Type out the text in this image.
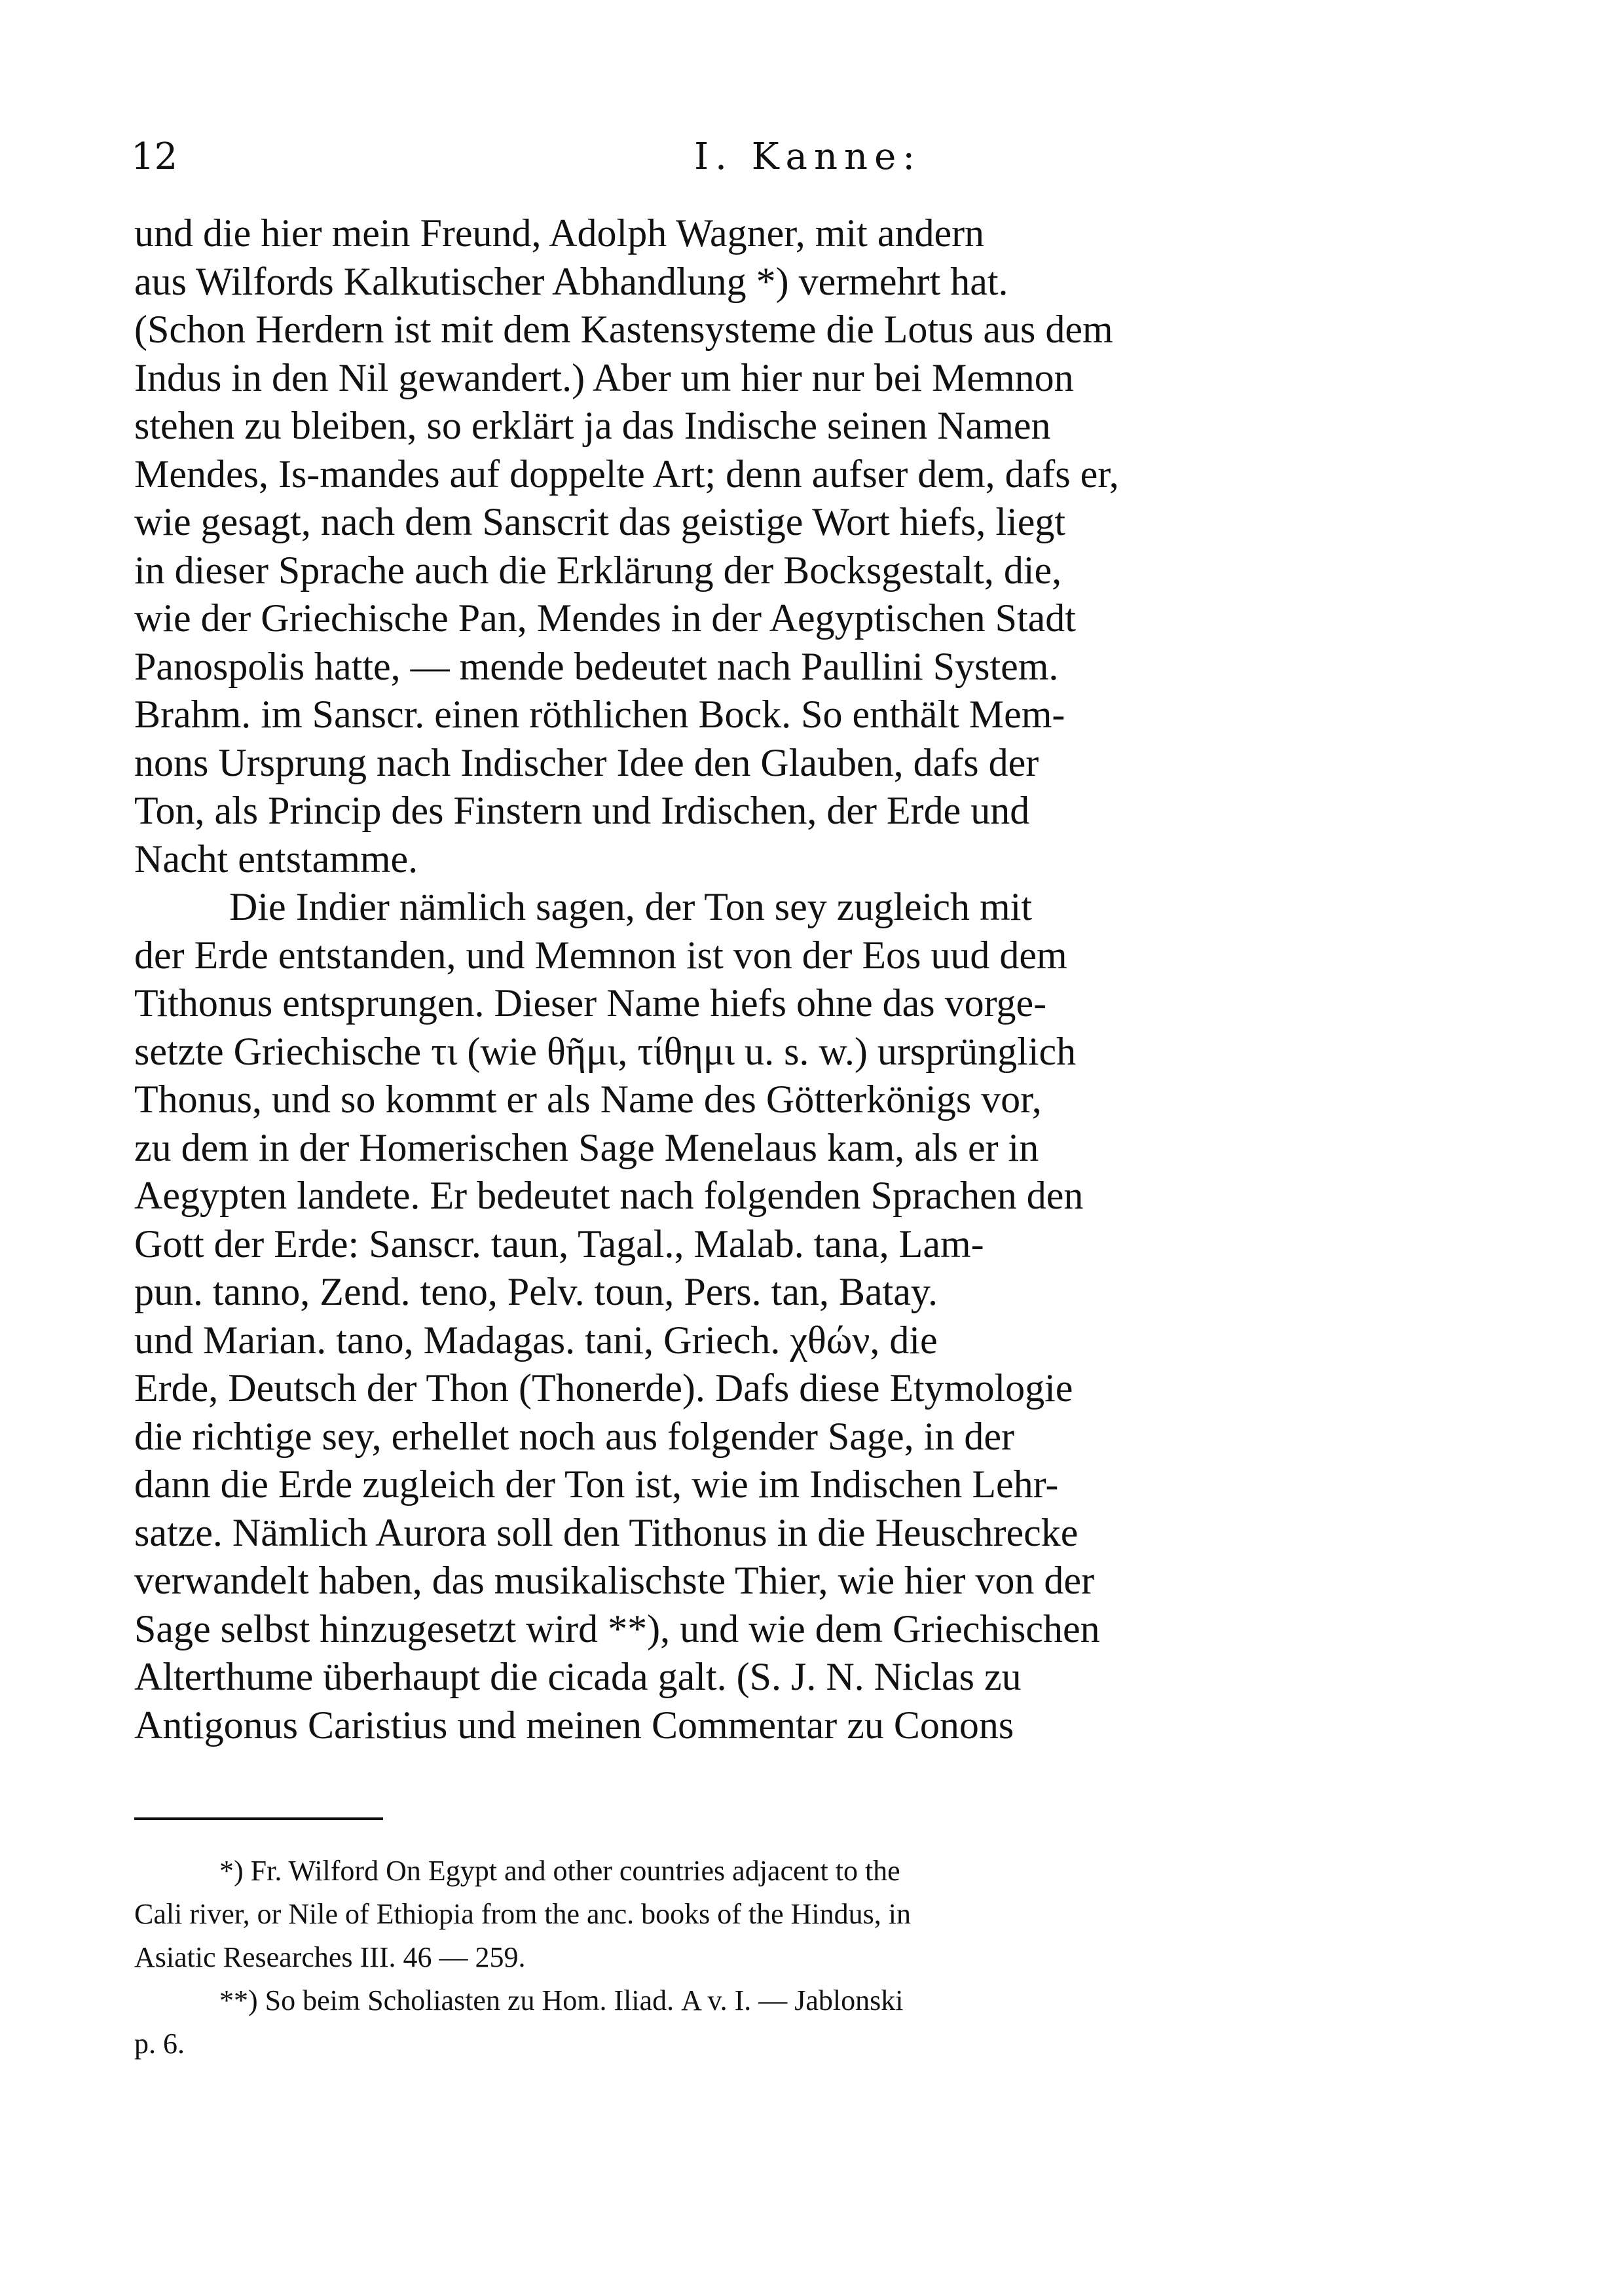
12	I. Kanne:
und die hier mein Freund, Adolph Wagner, mit andern
aus Wilfords Kalkutischer Abhandlung *) vermehrt hat.
(Schon Herdern ist mit dem Kastensysteme die Lotus aus dem
Indus in den Nil gewandert.) Aber um hier nur bei Memnon
stehen zu bleiben, so erklärt ja das Indische seinen Namen
Mendes, Is-mandes auf doppelte Art; denn aufser dem, dafs er,
wie gesagt, nach dem Sanscrit das geistige Wort hiefs, liegt
in dieser Sprache auch die Erklärung der Bocksgestalt, die,
wie der Griechische Pan, Mendes in der Aegyptischen Stadt
Panospolis hatte, — mende bedeutet nach Paullini System.
Brahm. im Sanscr. einen röthlichen Bock. So enthält Mem-
nons Ursprung nach Indischer Idee den Glauben, dafs der
Ton, als Princip des Finstern und Irdischen, der Erde und
Nacht entstamme.
Die Indier nämlich sagen, der Ton sey zugleich mit
der Erde entstanden, und Memnon ist von der Eos uud dem
Tithonus entsprungen. Dieser Name hiefs ohne das vorge-
setzte Griechische τι (wie θῆμι, τίθημι u. s. w.) ursprünglich
Thonus, und so kommt er als Name des Götterkönigs vor,
zu dem in der Homerischen Sage Menelaus kam, als er in
Aegypten landete. Er bedeutet nach folgenden Sprachen den
Gott der Erde: Sanscr. taun, Tagal., Malab. tana, Lam-
pun. tanno, Zend. teno, Pelv. toun, Pers. tan, Batay.
und Marian. tano, Madagas. tani, Griech. χθών, die
Erde, Deutsch der Thon (Thonerde). Dafs diese Etymologie
die richtige sey, erhellet noch aus folgender Sage, in der
dann die Erde zugleich der Ton ist, wie im Indischen Lehr-
satze. Nämlich Aurora soll den Tithonus in die Heuschrecke
verwandelt haben, das musikalischste Thier, wie hier von der
Sage selbst hinzugesetzt wird **), und wie dem Griechischen
Alterthume überhaupt die cicada galt. (S. J. N. Niclas zu
Antigonus Caristius und meinen Commentar zu Conons
*) Fr. Wilford On Egypt and other countries adjacent to the
Cali river, or Nile of Ethiopia from the anc. books of the Hindus, in
Asiatic Researches III. 46 — 259.
**) So beim Scholiasten zu Hom. Iliad. Α v. I. — Jablonski
p. 6.
